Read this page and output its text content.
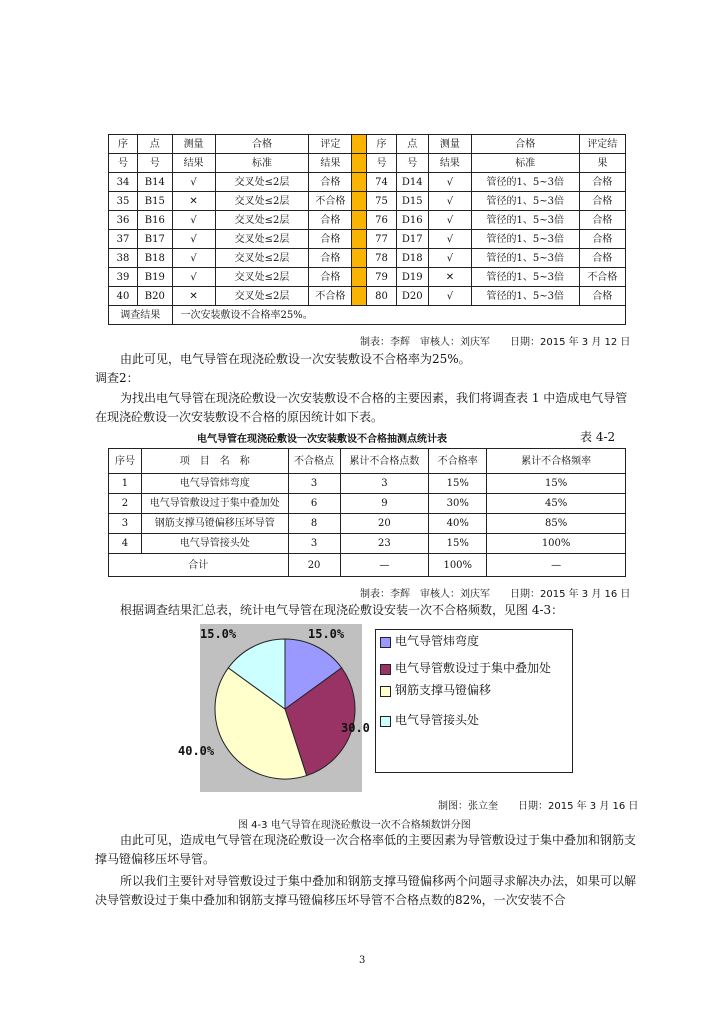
序	点	测量	合格	评定		序	点	测量	合格	评定结
号	号	结果	标准	结果		号	号	结果	标准	果
34	B14	√	交叉处≤2层	合格		74	D14	√	管径的1、5~3倍	合格
35	B15	✕	交叉处≤2层	不合格		75	D15	√	管径的1、5~3倍	合格
36	B16	√	交叉处≤2层	合格		76	D16	√	管径的1、5~3倍	合格
37	B17	√	交叉处≤2层	合格		77	D17	√	管径的1、5~3倍	合格
38	B18	√	交叉处≤2层	合格		78	D18	√	管径的1、5~3倍	合格
39	B19	√	交叉处≤2层	合格		79	D19	✕	管径的1、5~3倍	不合格
40	B20	✕	交叉处≤2层	不合格		80	D20	√	管径的1、5~3倍	合格
调查结果		一次安装敷设不合格率25%。								
制表：李辉　审核人：刘庆军　　日期：2015 年 3 月 12 日
由此可见，电气导管在现浇砼敷设一次安装敷设不合格率为25%。
调查2：
为找出电气导管在现浇砼敷设一次安装敷设不合格的主要因素，我们将调查表 1 中造成电气导管在现浇砼敷设一次安装敷设不合格的原因统计如下表。
电气导管在现浇砼敷设一次安装敷设不合格抽测点统计表	表 4-2
序号	项　目　名　称	不合格点	累计不合格点数	不合格率	累计不合格频率
1	电气导管炜弯度	3	3	15%	15%
2	电气导管敷设过于集中叠加处	6	9	30%	45%
3	钢筋支撑马镫偏移压坏导管	8	20	40%	85%
4	电气导管接头处	3	23	15%	100%
合计		20	—	100%	—
制表：李辉　审核人：刘庆军　　日期：2015 年 3 月 16 日
根据调查结果汇总表，统计电气导管在现浇砼敷设安装一次不合格频数，见图 4-3：
15.0%	15.0%
30.0
40.0%
电气导管炜弯度
电气导管敷设过于集中叠加处
钢筋支撑马镫偏移
电气导管接头处
制图：张立奎　　日期：2015 年 3 月 16 日
图 4-3 电气导管在现浇砼敷设一次不合格频数饼分图
由此可见，造成电气导管在现浇砼敷设一次合格率低的主要因素为导管敷设过于集中叠加和钢筋支撑马镫偏移压坏导管。
所以我们主要针对导管敷设过于集中叠加和钢筋支撑马镫偏移两个问题寻求解决办法，如果可以解决导管敷设过于集中叠加和钢筋支撑马镫偏移压坏导管不合格点数的82%，一次安装不合
3
